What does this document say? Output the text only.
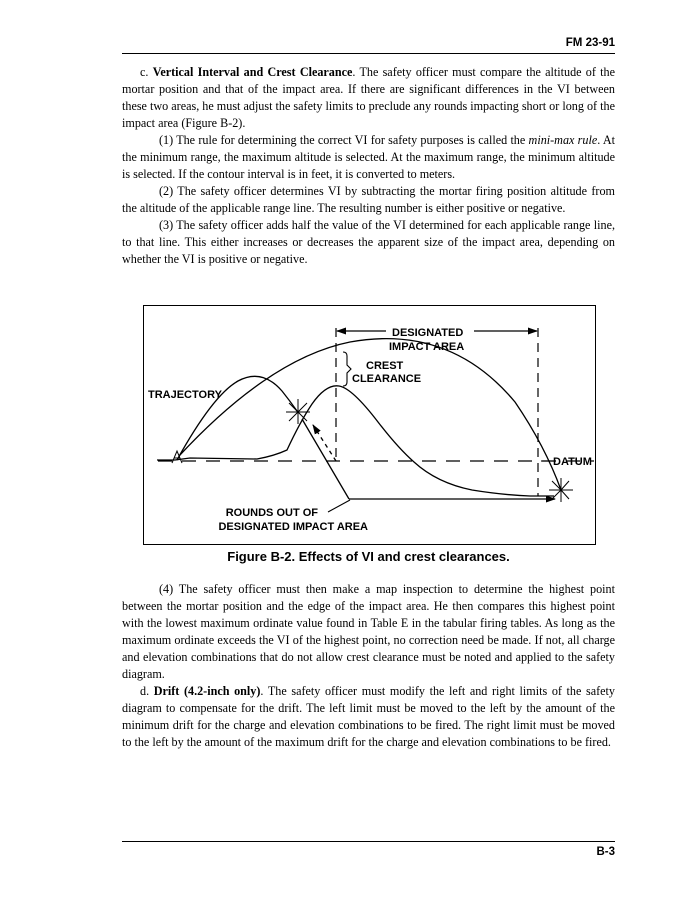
FM 23-91

c. Vertical Interval and Crest Clearance. The safety officer must compare the altitude of the mortar position and that of the impact area. If there are significant differences in the VI between these two areas, he must adjust the safety limits to preclude any rounds impacting short or long of the impact area (Figure B-2).

(1) The rule for determining the correct VI for safety purposes is called the mini-max rule. At the minimum range, the maximum altitude is selected. At the maximum range, the minimum altitude is selected. If the contour interval is in feet, it is converted to meters.

(2) The safety officer determines VI by subtracting the mortar firing position altitude from the altitude of the applicable range line. The resulting number is either positive or negative.

(3) The safety officer adds half the value of the VI determined for each applicable range line, to that line. This either increases or decreases the apparent size of the impact area, depending on whether the VI is positive or negative.

DESIGNATED
IMPACT AREA
CREST
CLEARANCE
TRAJECTORY
DATUM
ROUNDS OUT OF
DESIGNATED IMPACT AREA
Figure B-2. Effects of VI and crest clearances.

(4) The safety officer must then make a map inspection to determine the highest point between the mortar position and the edge of the impact area. He then compares this highest point with the lowest maximum ordinate value found in Table E in the tabular firing tables. As long as the maximum ordinate exceeds the VI of the highest point, no correction need be made. If not, all charge and elevation combinations that do not allow crest clearance must be noted and applied to the safety diagram.

d. Drift (4.2-inch only). The safety officer must modify the left and right limits of the safety diagram to compensate for the drift. The left limit must be moved to the left by the amount of the minimum drift for the charge and elevation combinations to be fired. The right limit must be moved to the left by the amount of the maximum drift for the charge and elevation combinations to be fired.

B-3
